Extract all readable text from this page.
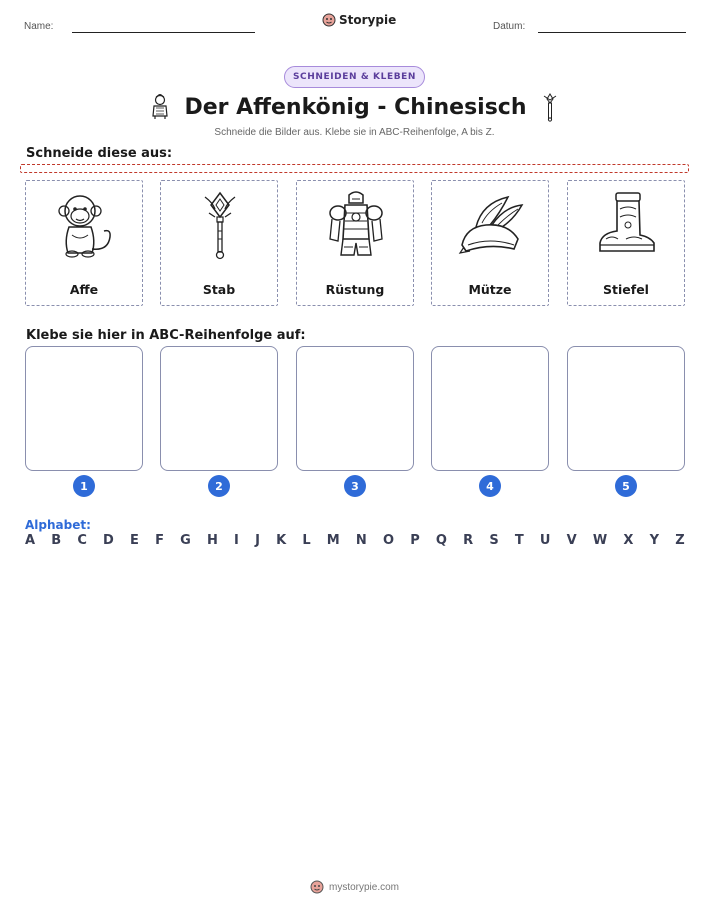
Name:	Storypie	Datum:
SCHNEIDEN & KLEBEN
Der Affenkönig - Chinesisch
Schneide die Bilder aus. Klebe sie in ABC-Reihenfolge, A bis Z.
Schneide diese aus:
Affe	Stab	Rüstung	Mütze	Stiefel
Klebe sie hier in ABC-Reihenfolge auf:
1	2	3	4	5
Alphabet:
A B C D E F G H I J K L M N O P Q R S T U V W X Y Z
mystorypie.com
